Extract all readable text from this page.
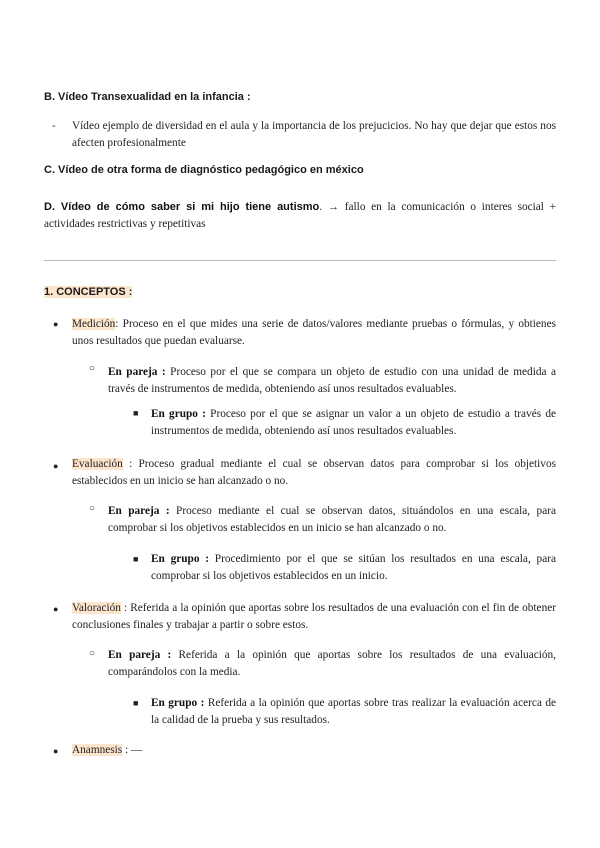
B. Vídeo Transexualidad en la infancia :
- Vídeo ejemplo de diversidad en el aula y la importancia de los prejucicios. No hay que dejar que estos nos afecten profesionalmente
C. Vídeo de otra forma de diagnóstico pedagógico en méxico
D. Vídeo de cómo saber si mi hijo tiene autismo. → fallo en la comunicación o interes social + actividades restrictivas y repetitivas
1. CONCEPTOS :
● Medición: Proceso en el que mides una serie de datos/valores mediante pruebas o fórmulas, y obtienes unos resultados que puedan evaluarse.
○ En pareja : Proceso por el que se compara un objeto de estudio con una unidad de medida a través de instrumentos de medida, obteniendo así unos resultados evaluables.
■ En grupo : Proceso por el que se asignar un valor a un objeto de estudio a través de instrumentos de medida, obteniendo así unos resultados evaluables.
● Evaluación : Proceso gradual mediante el cual se observan datos para comprobar si los objetivos establecidos en un inicio se han alcanzado o no.
○ En pareja : Proceso mediante el cual se observan datos, situándolos en una escala, para comprobar si los objetivos establecidos en un inicio se han alcanzado o no.
■ En grupo : Procedimiento por el que se sitúan los resultados en una escala, para comprobar si los objetivos establecidos en un inicio.
● Valoración : Referida a la opinión que aportas sobre los resultados de una evaluación con el fin de obtener conclusiones finales y trabajar a partir o sobre estos.
○ En pareja : Referida a la opinión que aportas sobre los resultados de una evaluación, comparándolos con la media.
■ En grupo : Referida a la opinión que aportas sobre tras realizar la evaluación acerca de la calidad de la prueba y sus resultados.
● Anamnesis : —
